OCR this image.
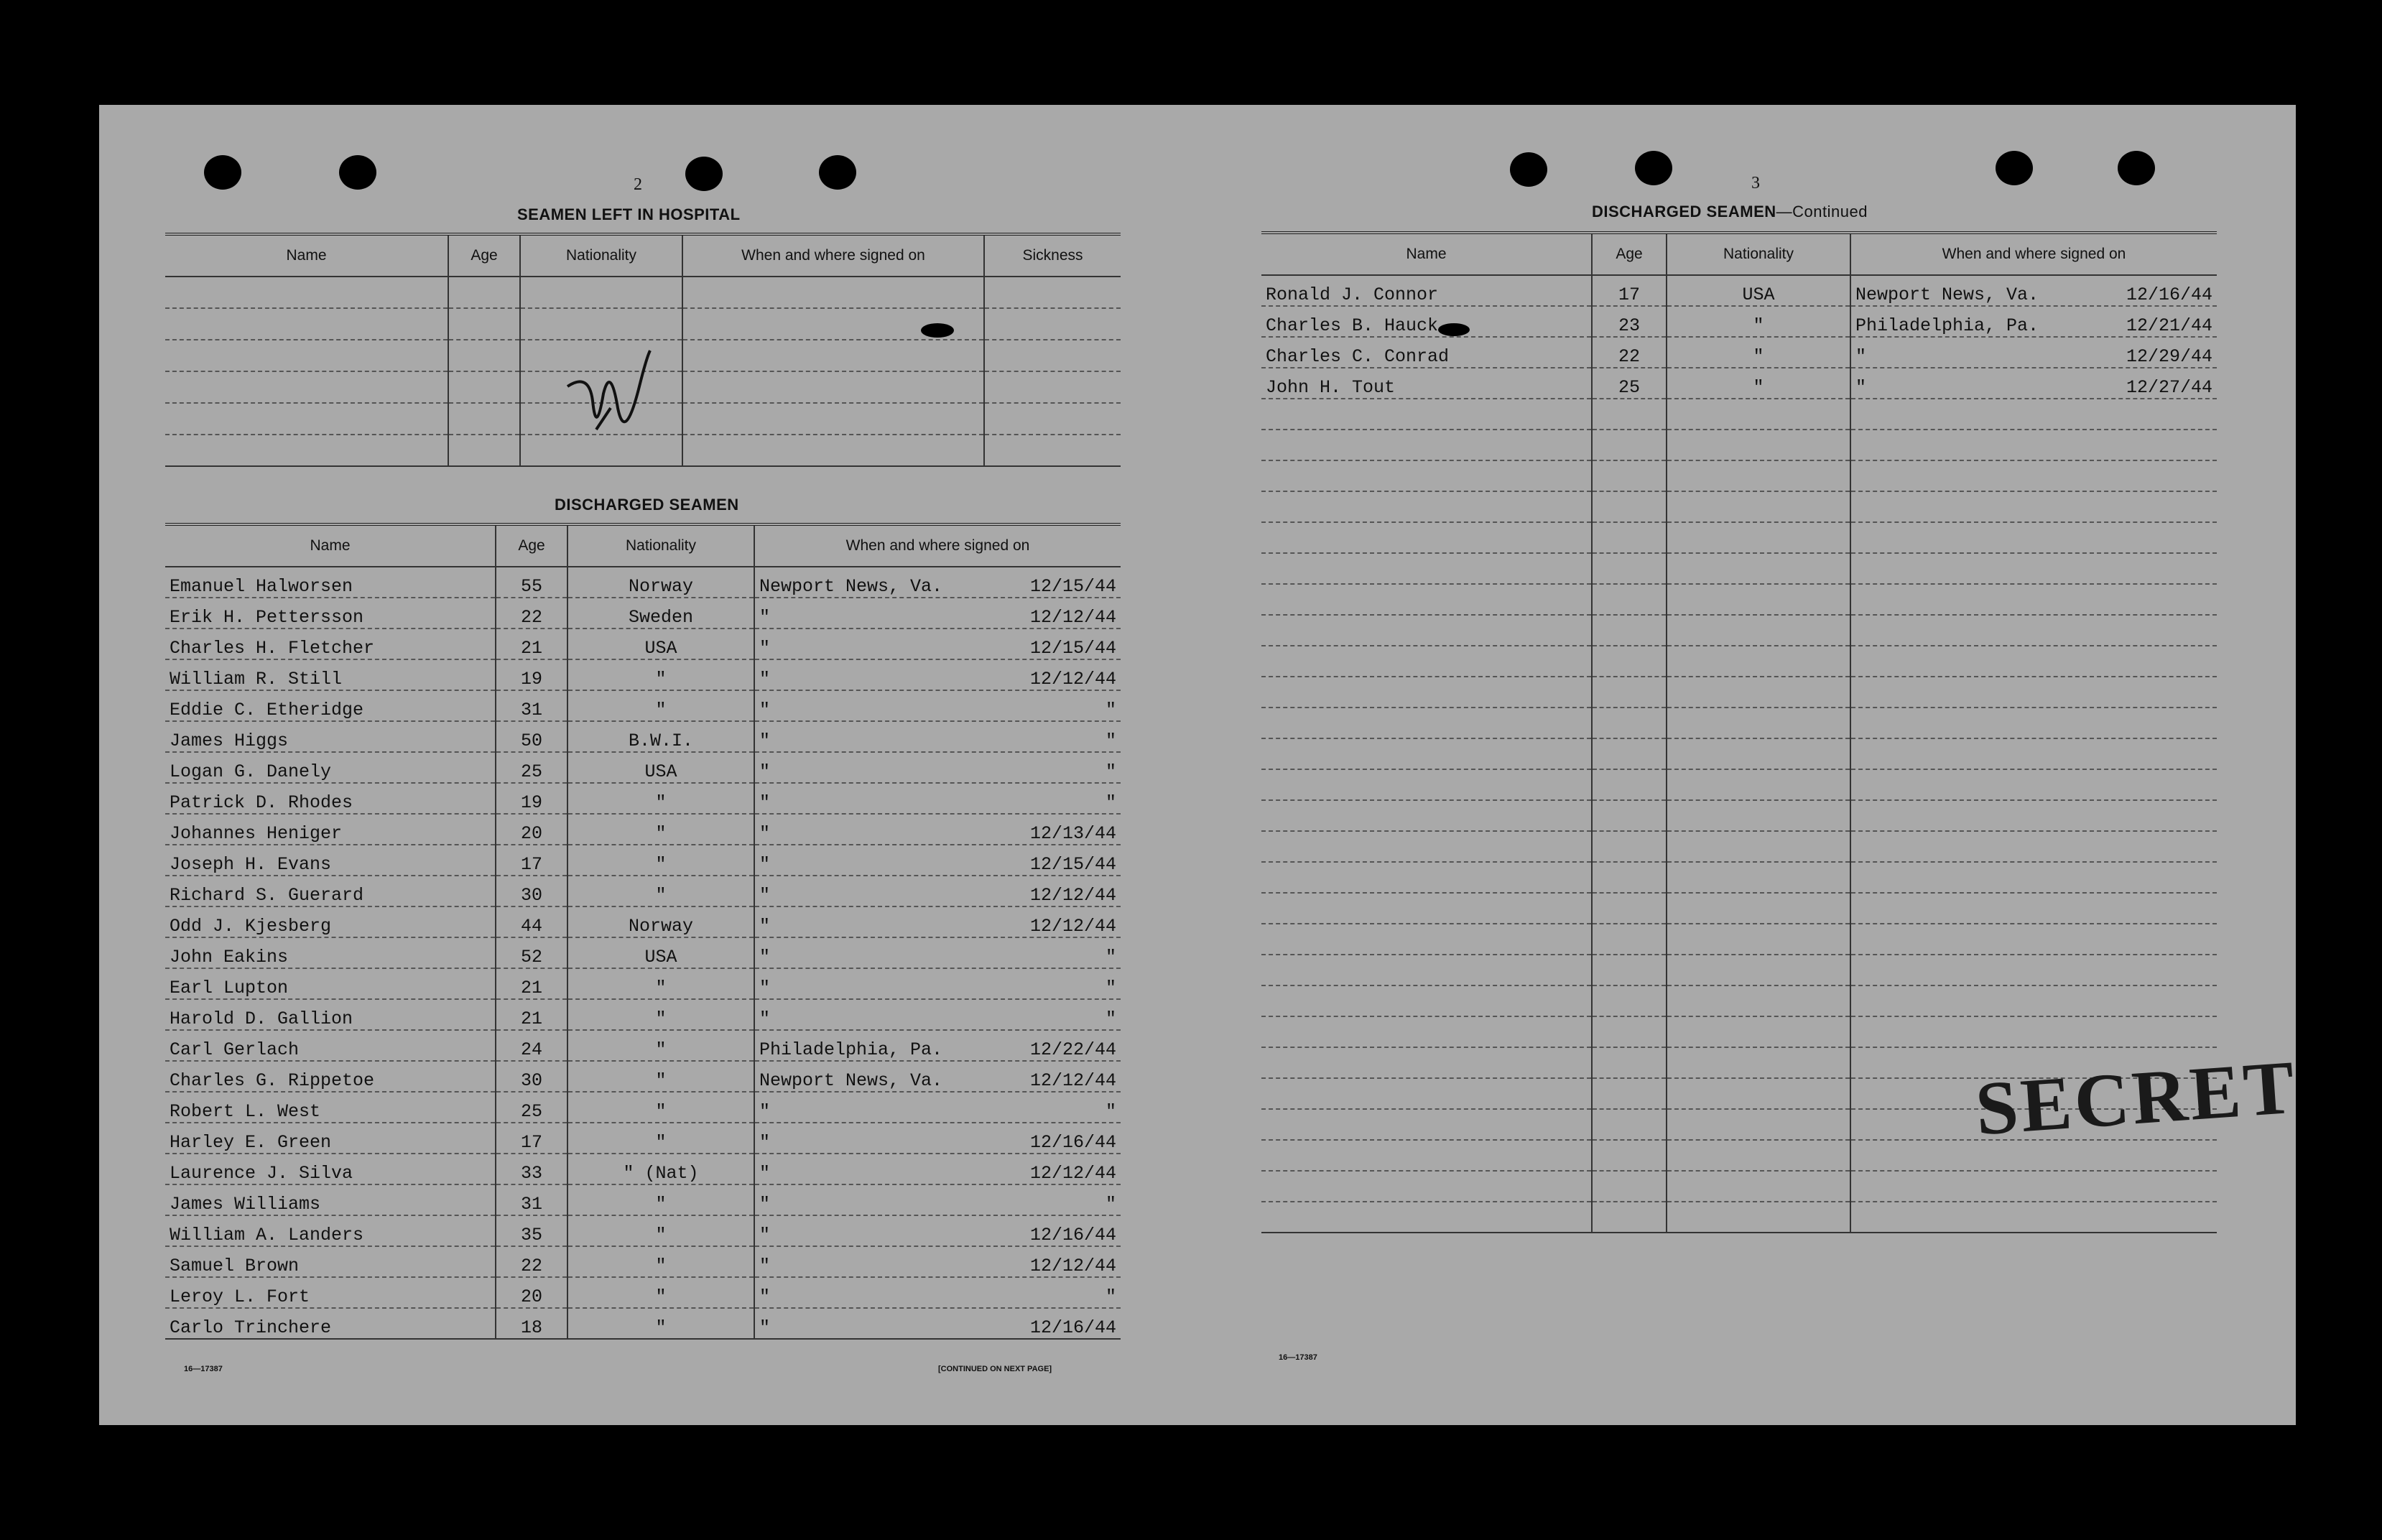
2
SEAMEN LEFT IN HOSPITAL
Name	Age	Nationality	When and where signed on	Sickness

DISCHARGED SEAMEN
Name	Age	Nationality	When and where signed on
Emanuel Halworsen	55	Norway	Newport News, Va. 12/15/44

Erik H. Pettersson	22	Sweden	" 12/12/44

Charles H. Fletcher	21	USA	" 12/15/44

William R. Still	19	"	" 12/12/44

Eddie C. Etheridge	31	"	" "

James Higgs	50	B.W.I.	" "

Logan G. Danely	25	USA	" "

Patrick D. Rhodes	19	"	" "

Johannes Heniger	20	"	" 12/13/44

Joseph H. Evans	17	"	" 12/15/44

Richard S. Guerard	30	"	" 12/12/44

Odd J. Kjesberg	44	Norway	" 12/12/44

John Eakins	52	USA	" "

Earl Lupton	21	"	" "

Harold D. Gallion	21	"	" "

Carl Gerlach	24	"	Philadelphia, Pa. 12/22/44

Charles G. Rippetoe	30	"	Newport News, Va. 12/12/44

Robert L. West	25	"	" "

Harley E. Green	17	"	" 12/16/44

Laurence J. Silva	33	" (Nat)	" 12/12/44

James Williams	31	"	" "

William A. Landers	35	"	" 12/16/44

Samuel Brown	22	"	" 12/12/44

Leroy L. Fort	20	"	" "

Carlo Trinchere	18	"	" 12/16/44
16—17387	[CONTINUED ON NEXT PAGE]
3
DISCHARGED SEAMEN—Continued
Name	Age	Nationality	When and where signed on
Ronald J. Connor	17	USA	Newport News, Va. 12/16/44

Charles B. Hauck	23	"	Philadelphia, Pa. 12/21/44

Charles C. Conrad	22	"	" 12/29/44

John H. Tout	25	"	" 12/27/44

SECRET
16—17387
